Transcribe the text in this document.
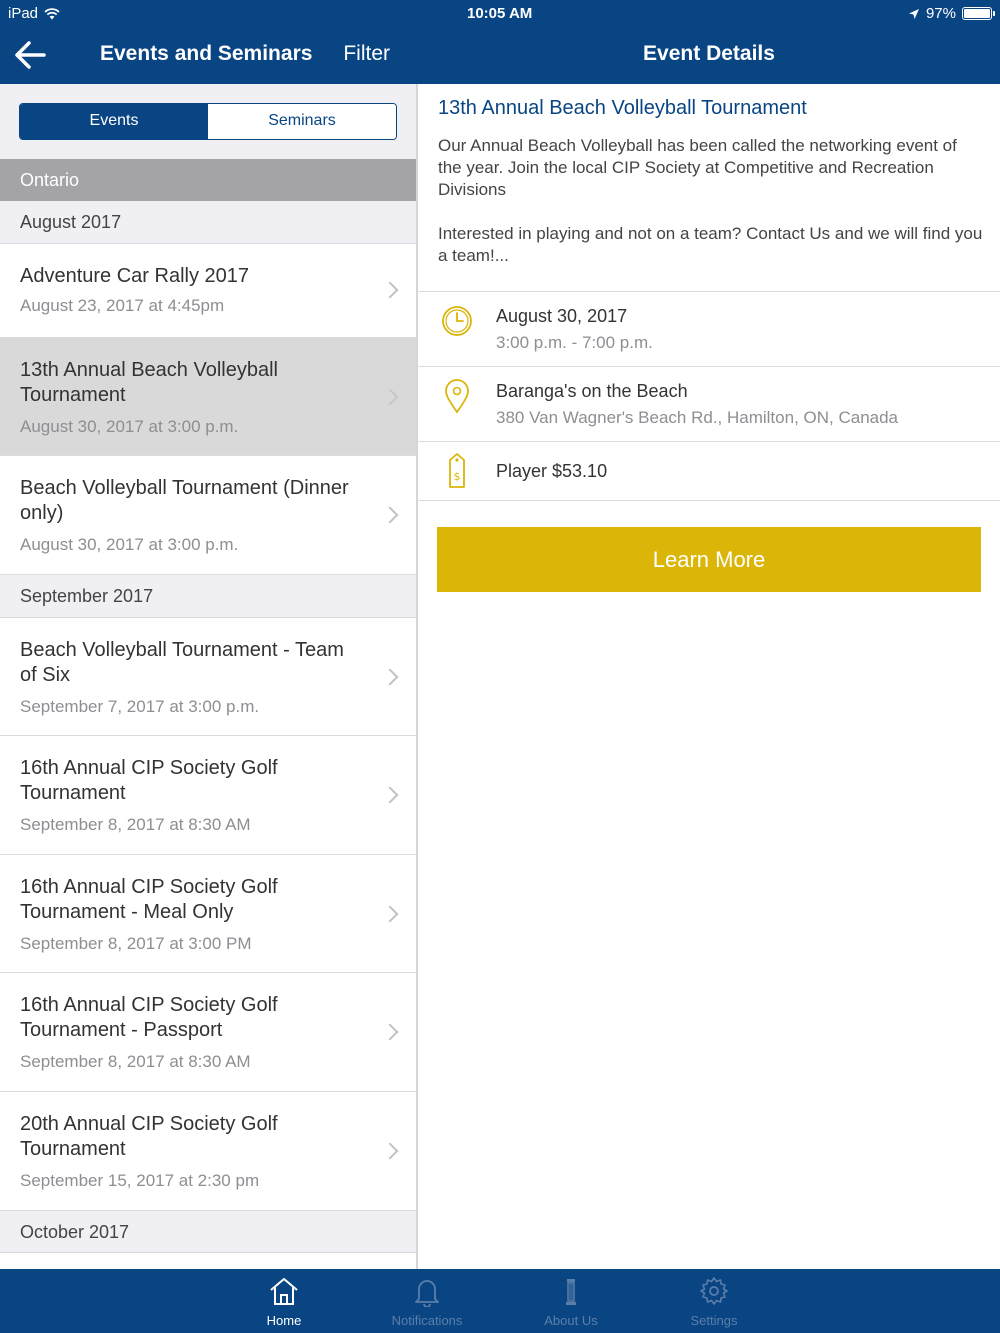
iPad	10:05 AM	97%
Events and Seminars Filter	Event Details
Events	Seminars
Ontario
August 2017
Adventure Car Rally 2017
August 23, 2017 at 4:45pm
13th Annual Beach Volleyball Tournament
August 30, 2017 at 3:00 p.m.
Beach Volleyball Tournament (Dinner only)
August 30, 2017 at 3:00 p.m.
September 2017
Beach Volleyball Tournament - Team of Six
September 7, 2017 at 3:00 p.m.
16th Annual CIP Society Golf Tournament
September 8, 2017 at 8:30 AM
16th Annual CIP Society Golf Tournament - Meal Only
September 8, 2017 at 3:00 PM
16th Annual CIP Society Golf Tournament - Passport
September 8, 2017 at 8:30 AM
20th Annual CIP Society Golf Tournament
September 15, 2017 at 2:30 pm
October 2017
13th Annual Beach Volleyball Tournament
Our Annual Beach Volleyball has been called the networking event of the year. Join the local CIP Society at Competitive and Recreation Divisions

Interested in playing and not on a team? Contact Us and we will find you a team!...
August 30, 2017
3:00 p.m. - 7:00 p.m.
Baranga's on the Beach
380 Van Wagner's Beach Rd., Hamilton, ON, Canada
$ Player $53.10
Learn More
Home	Notifications	About Us	Settings
